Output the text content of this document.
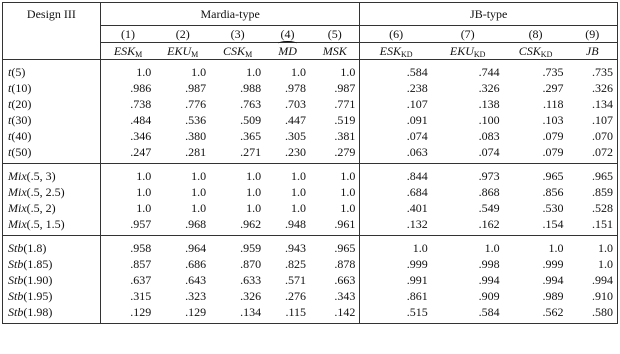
Design III	Mardia-type					JB-type			
	(1)	(2)	(3)	(4)	(5)	(6)	(7)	(8)	(9)
	$ESK_M$	$EKU_M$	$CSK_M$	MD	MSK	$ESK_{KD}$	$EKU_{KD}$	$CSK_{KD}$	JB

t(5)	1.0	1.0	1.0	1.0	1.0	.584	.744	.735	.735
t(10)	.986	.987	.988	.978	.987	.238	.326	.297	.326
t(20)	.738	.776	.763	.703	.771	.107	.138	.118	.134
t(30)	.484	.536	.509	.447	.519	.091	.100	.103	.107
t(40)	.346	.380	.365	.305	.381	.074	.083	.079	.070
t(50)	.247	.281	.271	.230	.279	.063	.074	.079	.072

Mix(.5, 3)	1.0	1.0	1.0	1.0	1.0	.844	.973	.965	.965
Mix(.5, 2.5)	1.0	1.0	1.0	1.0	1.0	.684	.868	.856	.859
Mix(.5, 2)	1.0	1.0	1.0	1.0	1.0	.401	.549	.530	.528
Mix(.5, 1.5)	.957	.968	.962	.948	.961	.132	.162	.154	.151

Stb(1.8)	.958	.964	.959	.943	.965	1.0	1.0	1.0	1.0
Stb(1.85)	.857	.686	.870	.825	.878	.999	.998	.999	1.0
Stb(1.90)	.637	.643	.633	.571	.663	.991	.994	.994	.994
Stb(1.95)	.315	.323	.326	.276	.343	.861	.909	.989	.910
Stb(1.98)	.129	.129	.134	.115	.142	.515	.584	.562	.580
